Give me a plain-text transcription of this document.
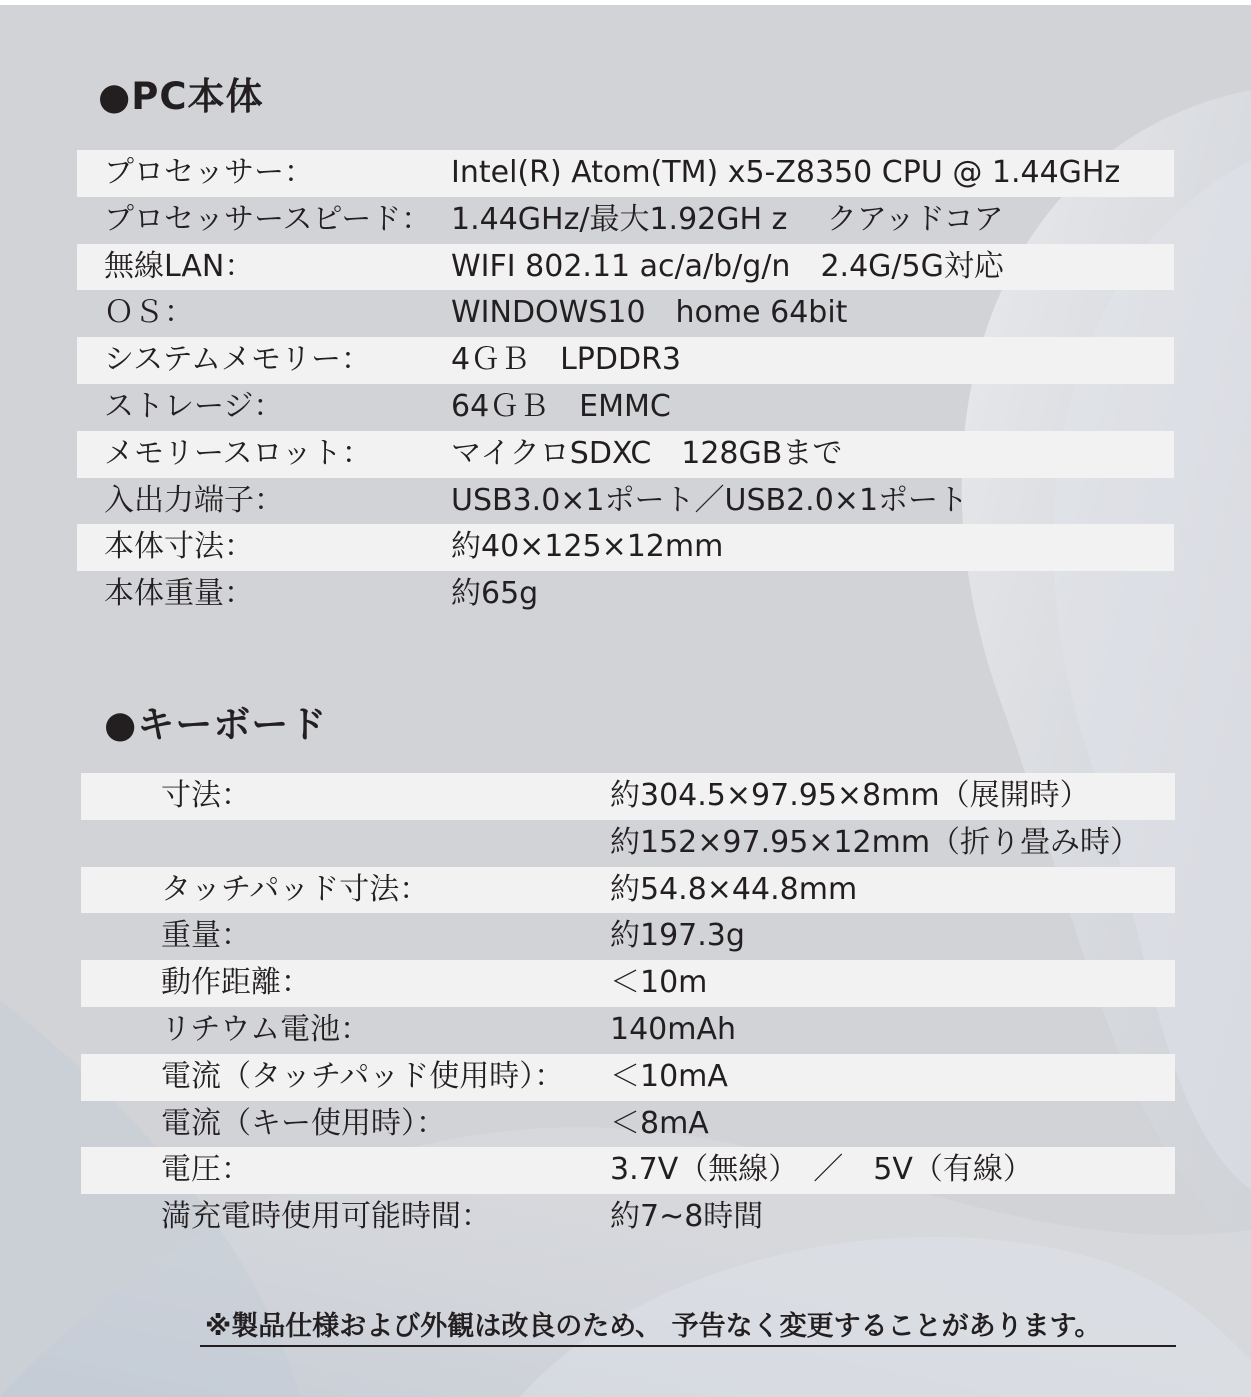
●PC本体
プロセッサー：	Intel(R) Atom(TM) x5-Z8350 CPU @ 1.44GHz
プロセッサースピード： 1.44GHz/最大1.92GH z　 クアッドコア
無線LAN：	WIFI 802.11 ac/a/b/g/n　2.4G/5G対応
ＯＳ：	WINDOWS10　home 64bit
システムメモリー：	4ＧＢ　LPDDR3
ストレージ：	64ＧＢ　EMMC
メモリースロット：	マイクロSDXC　128GBまで
入出力端子：	USB3.0×1ポート／USB2.0×1ポート
本体寸法：	約40×125×12mm
本体重量：	約65g
●キーボード
寸法：	約304.5×97.95×8mm（展開時）
約152×97.95×12mm（折り畳み時）
タッチパッド寸法：	約54.8×44.8mm
重量：	約197.3g
動作距離：	＜10m
リチウム電池：	140mAh
電流（タッチパッド使用時）： ＜10mA
電流（キー使用時）：	＜8mA
電圧：	3.7V（無線）　／　5V（有線）
満充電時使用可能時間：	約7~8時間
※製品仕様および外観は改良のため、 予告なく変更することがあります。
